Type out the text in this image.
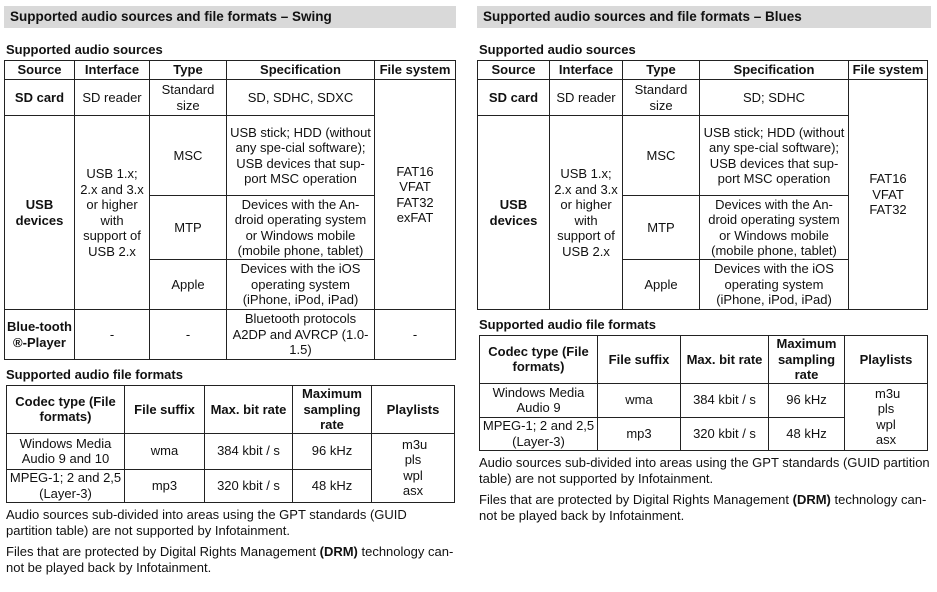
Supported audio sources and file formats – Swing
Supported audio sources
Source	Interface	Type	Specification	File system
SD card	SD reader	Standard size	SD, SDHC, SDXC	FAT16 VFAT FAT32 exFAT
USB devices	USB 1.x; 2.x and 3.x or higher with support of USB 2.x	MSC	USB stick; HDD (without any spe-cial software); USB devices that sup-port MSC operation	
		MTP	Devices with the An-droid operating system or Windows mobile (mobile phone, tablet)	
		Apple	Devices with the iOS operating system (iPhone, iPod, iPad)	
Blue-tooth ®-Player	-	-	Bluetooth protocols A2DP and AVRCP (1.0-1.5)	-
Supported audio file formats
Codec type (File formats)	File suffix	Max. bit rate	Maximum sampling rate	Playlists
Windows Media Audio 9 and 10	wma	384 kbit / s	96 kHz	m3u pls wpl asx
MPEG-1; 2 and 2,5 (Layer-3)	mp3	320 kbit / s	48 kHz	

Audio sources sub-divided into areas using the GPT standards (GUID partition table) are not supported by Infotainment.

Files that are protected by Digital Rights Management (DRM) technology can-not be played back by Infotainment.

Supported audio sources and file formats – Blues
Supported audio sources
Source	Interface	Type	Specification	File system
SD card	SD reader	Standard size	SD; SDHC	FAT16 VFAT FAT32
USB devices	USB 1.x; 2.x and 3.x or higher with support of USB 2.x	MSC	USB stick; HDD (without any spe-cial software); USB devices that sup-port MSC operation	
		MTP	Devices with the An-droid operating system or Windows mobile (mobile phone, tablet)	
		Apple	Devices with the iOS operating system (iPhone, iPod, iPad)	
Supported audio file formats
Codec type (File formats)	File suffix	Max. bit rate	Maximum sampling rate	Playlists
Windows Media Audio 9	wma	384 kbit / s	96 kHz	m3u pls wpl asx
MPEG-1; 2 and 2,5 (Layer-3)	mp3	320 kbit / s	48 kHz	

Audio sources sub-divided into areas using the GPT standards (GUID partition table) are not supported by Infotainment.

Files that are protected by Digital Rights Management (DRM) technology can-not be played back by Infotainment.
